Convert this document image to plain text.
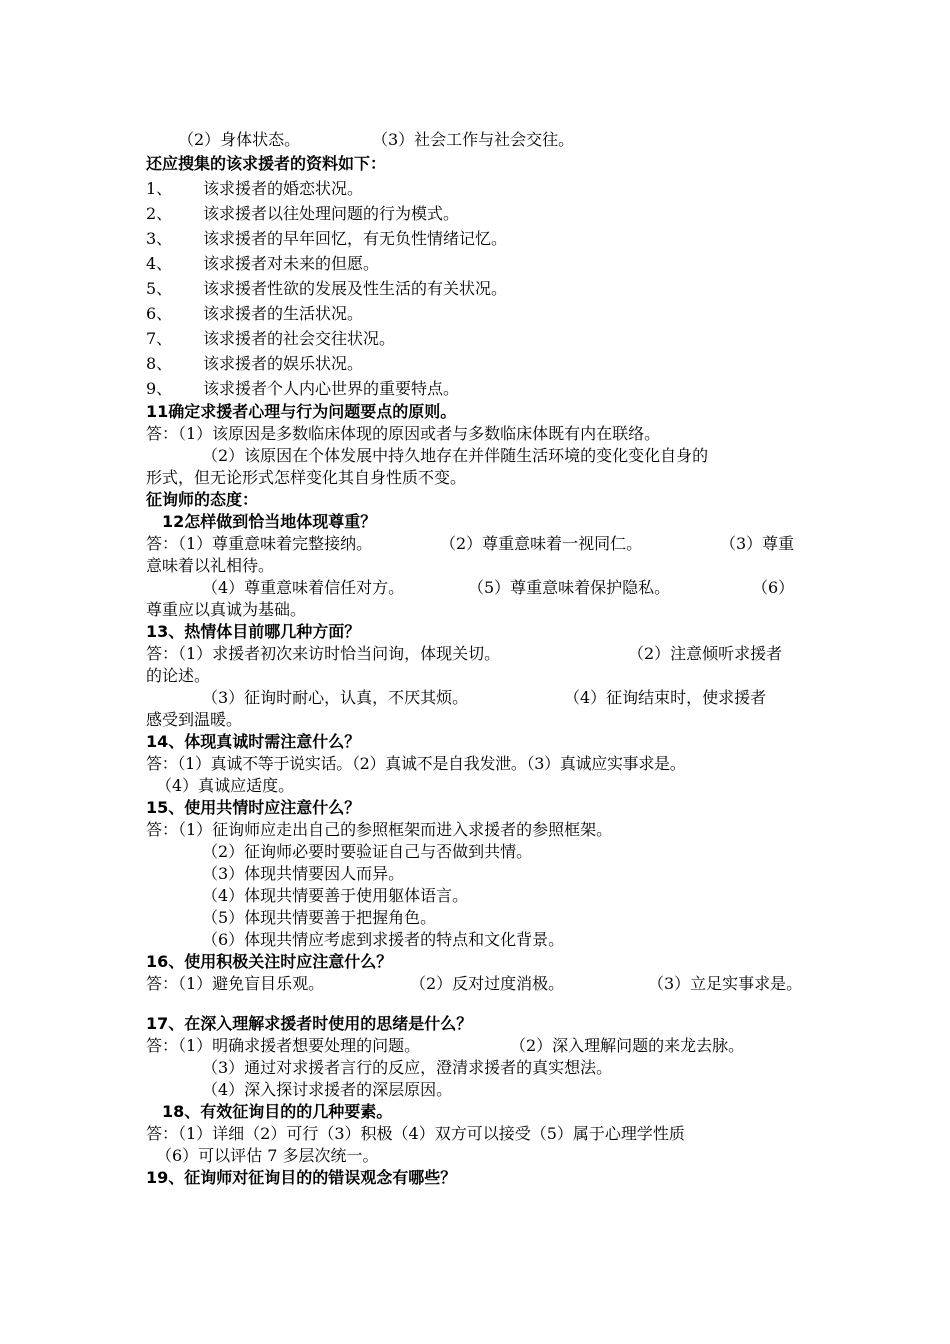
（2）身体状态。	（3）社会工作与社会交往。
还应搜集的该求援者的资料如下：
1、 该求援者的婚恋状况。
2、 该求援者以往处理问题的行为模式。
3、 该求援者的早年回忆，有无负性情绪记忆。
4、 该求援者对未来的但愿。
5、 该求援者性欲的发展及性生活的有关状况。
6、 该求援者的生活状况。
7、 该求援者的社会交往状况。
8、 该求援者的娱乐状况。
9、 该求援者个人内心世界的重要特点。
11确定求援者心理与行为问题要点的原则。
答：（1）该原因是多数临床体现的原因或者与多数临床体既有内在联络。
（2）该原因在个体发展中持久地存在并伴随生活环境的变化变化自身的
形式，但无论形式怎样变化其自身性质不变。
征询师的态度：
12怎样做到恰当地体现尊重？
答：（1）尊重意味着完整接纳。	（2）尊重意味着一视同仁。	（3）尊重
意味着以礼相待。
（4）尊重意味着信任对方。	（5）尊重意味着保护隐私。	（6）
尊重应以真诚为基础。
13、热情体目前哪几种方面？
答：（1）求援者初次来访时恰当问询，体现关切。	（2）注意倾听求援者
的论述。
（3）征询时耐心，认真，不厌其烦。	（4）征询结束时，使求援者
感受到温暖。
14、体现真诚时需注意什么？
答：（1）真诚不等于说实话。（2）真诚不是自我发泄。（3）真诚应实事求是。
（4）真诚应适度。
15、使用共情时应注意什么？
答：（1）征询师应走出自己的参照框架而进入求援者的参照框架。
（2）征询师必要时要验证自己与否做到共情。
（3）体现共情要因人而异。
（4）体现共情要善于使用躯体语言。
（5）体现共情要善于把握角色。
（6）体现共情应考虑到求援者的特点和文化背景。
16、使用积极关注时应注意什么？
答：（1）避免盲目乐观。	（2）反对过度消极。	（3）立足实事求是。
17、在深入理解求援者时使用的思绪是什么？
答：（1）明确求援者想要处理的问题。	（2）深入理解问题的来龙去脉。
（3）通过对求援者言行的反应，澄清求援者的真实想法。
（4）深入探讨求援者的深层原因。
18、有效征询目的的几种要素。
答：（1）详细（2）可行（3）积极（4）双方可以接受（5）属于心理学性质
（6）可以评估 7 多层次统一。
19、征询师对征询目的的错误观念有哪些？
